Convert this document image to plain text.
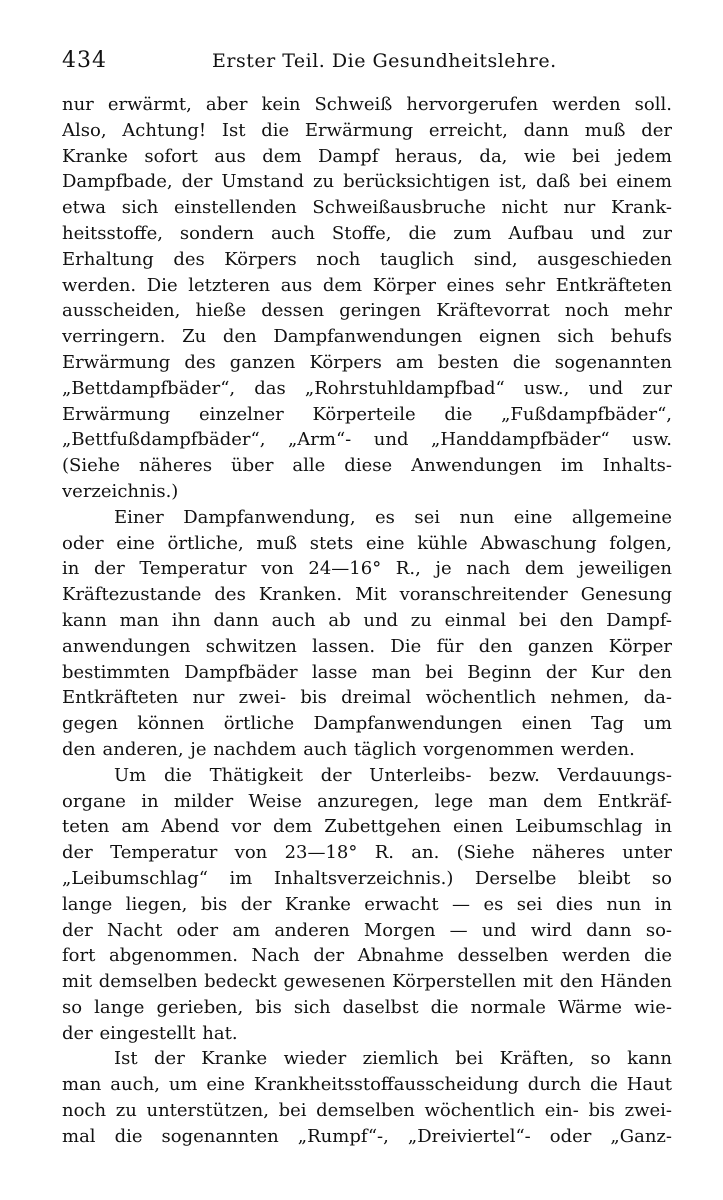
434	Erster Teil. Die Gesundheitslehre.
nur erwärmt, aber kein Schweiß hervorgerufen werden soll.
Also, Achtung! Ist die Erwärmung erreicht, dann muß der
Kranke sofort aus dem Dampf heraus, da, wie bei jedem
Dampfbade, der Umstand zu berücksichtigen ist, daß bei einem
etwa sich einstellenden Schweißausbruche nicht nur Krank-
heitsstoffe, sondern auch Stoffe, die zum Aufbau und zur
Erhaltung des Körpers noch tauglich sind, ausgeschieden
werden. Die letzteren aus dem Körper eines sehr Entkräfteten
ausscheiden, hieße dessen geringen Kräftevorrat noch mehr
verringern. Zu den Dampfanwendungen eignen sich behufs
Erwärmung des ganzen Körpers am besten die sogenannten
„Bettdampfbäder“, das „Rohrstuhldampfbad“ usw., und zur
Erwärmung einzelner Körperteile die „Fußdampfbäder“,
„Bettfußdampfbäder“, „Arm“- und „Handdampfbäder“ usw.
(Siehe näheres über alle diese Anwendungen im Inhalts-
verzeichnis.)
Einer Dampfanwendung, es sei nun eine allgemeine
oder eine örtliche, muß stets eine kühle Abwaschung folgen,
in der Temperatur von 24—16° R., je nach dem jeweiligen
Kräftezustande des Kranken. Mit voranschreitender Genesung
kann man ihn dann auch ab und zu einmal bei den Dampf-
anwendungen schwitzen lassen. Die für den ganzen Körper
bestimmten Dampfbäder lasse man bei Beginn der Kur den
Entkräfteten nur zwei- bis dreimal wöchentlich nehmen, da-
gegen können örtliche Dampfanwendungen einen Tag um
den anderen, je nachdem auch täglich vorgenommen werden.
Um die Thätigkeit der Unterleibs- bezw. Verdauungs-
organe in milder Weise anzuregen, lege man dem Entkräf-
teten am Abend vor dem Zubettgehen einen Leibumschlag in
der Temperatur von 23—18° R. an. (Siehe näheres unter
„Leibumschlag“ im Inhaltsverzeichnis.) Derselbe bleibt so
lange liegen, bis der Kranke erwacht — es sei dies nun in
der Nacht oder am anderen Morgen — und wird dann so-
fort abgenommen. Nach der Abnahme desselben werden die
mit demselben bedeckt gewesenen Körperstellen mit den Händen
so lange gerieben, bis sich daselbst die normale Wärme wie-
der eingestellt hat.
Ist der Kranke wieder ziemlich bei Kräften, so kann
man auch, um eine Krankheitsstoffausscheidung durch die Haut
noch zu unterstützen, bei demselben wöchentlich ein- bis zwei-
mal die sogenannten „Rumpf“-, „Dreiviertel“- oder „Ganz-
